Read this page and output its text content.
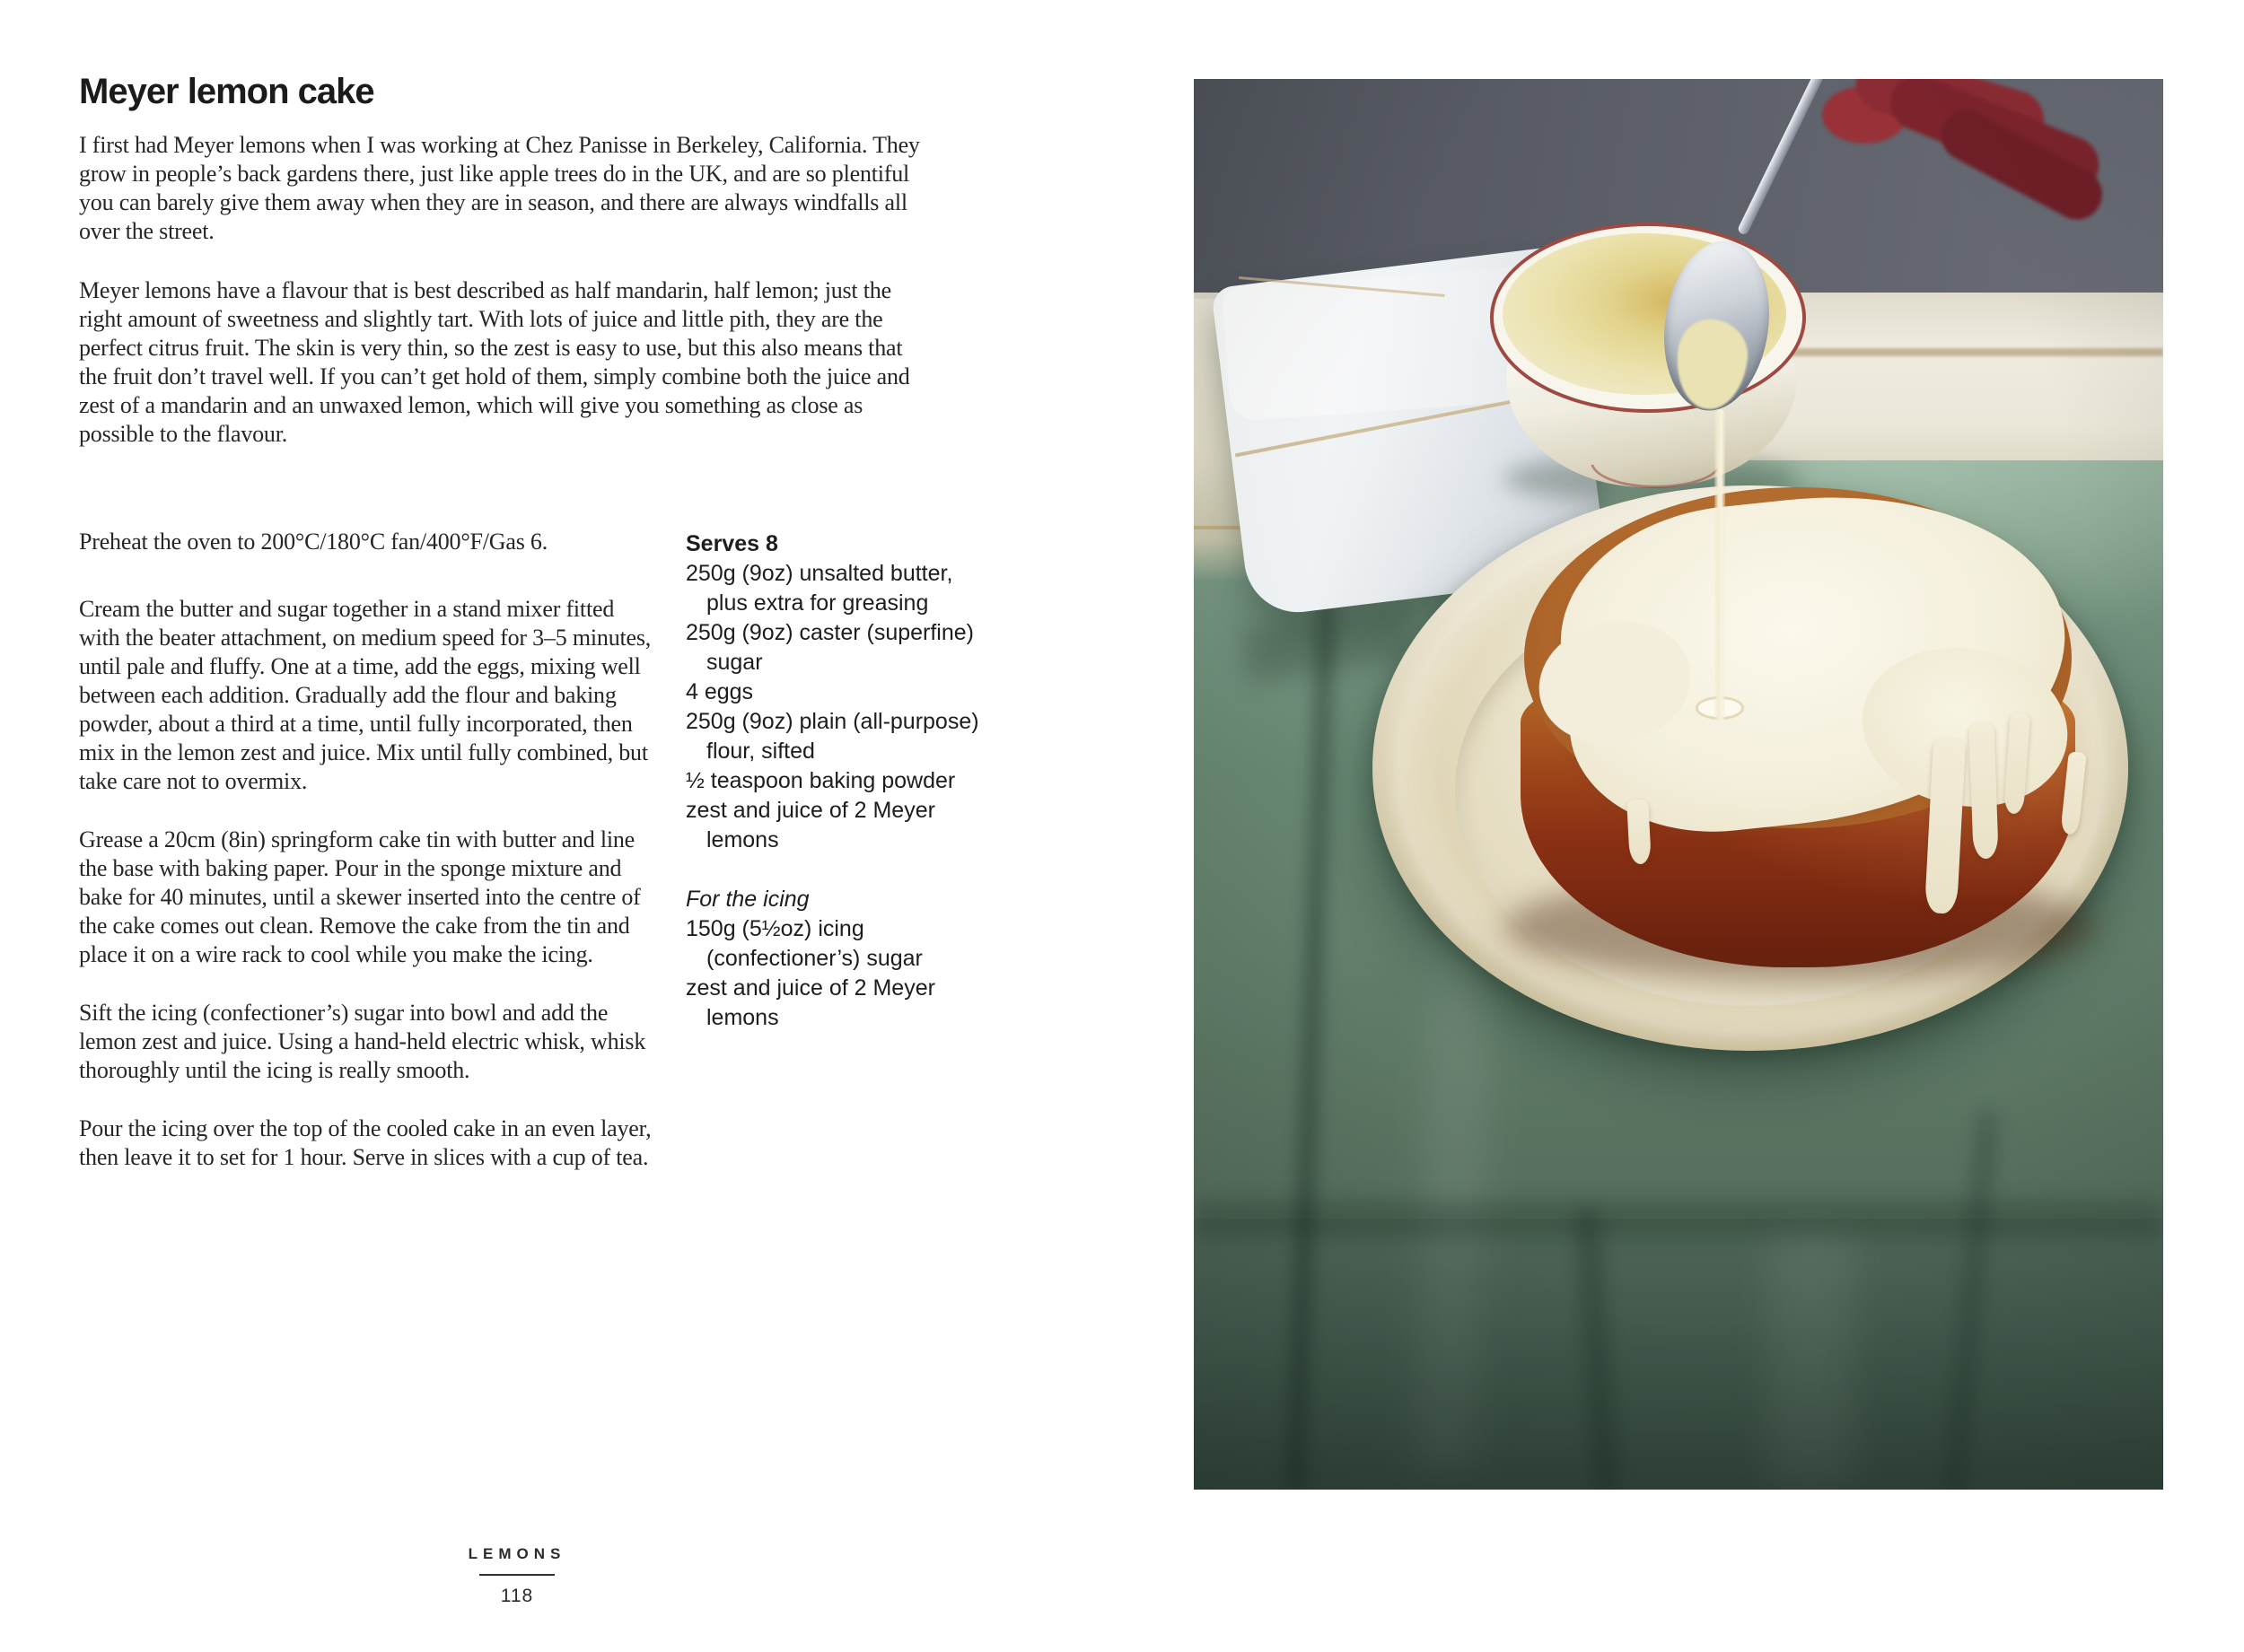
Meyer lemon cake

I first had Meyer lemons when I was working at Chez Panisse in Berkeley, California. They grow in people’s back gardens there, just like apple trees do in the UK, and are so plentiful you can barely give them away when they are in season, and there are always windfalls all over the street.

Meyer lemons have a flavour that is best described as half mandarin, half lemon; just the right amount of sweetness and slightly tart. With lots of juice and little pith, they are the perfect citrus fruit. The skin is very thin, so the zest is easy to use, but this also means that the fruit don’t travel well. If you can’t get hold of them, simply combine both the juice and zest of a mandarin and an unwaxed lemon, which will give you something as close as possible to the flavour.

Preheat the oven to 200°C/180°C fan/400°F/Gas 6.

Cream the butter and sugar together in a stand mixer fitted with the beater attachment, on medium speed for 3–5 minutes, until pale and fluffy. One at a time, add the eggs, mixing well between each addition. Gradually add the flour and baking powder, about a third at a time, until fully incorporated, then mix in the lemon zest and juice. Mix until fully combined, but take care not to overmix.

Grease a 20cm (8in) springform cake tin with butter and line the base with baking paper. Pour in the sponge mixture and bake for 40 minutes, until a skewer inserted into the centre of the cake comes out clean. Remove the cake from the tin and place it on a wire rack to cool while you make the icing.

Sift the icing (confectioner’s) sugar into bowl and add the lemon zest and juice. Using a hand-held electric whisk, whisk thoroughly until the icing is really smooth.

Pour the icing over the top of the cooled cake in an even layer, then leave it to set for 1 hour. Serve in slices with a cup of tea.

Serves 8
250g (9oz) unsalted butter,
plus extra for greasing
250g (9oz) caster (superfine)
sugar
4 eggs
250g (9oz) plain (all-purpose)
flour, sifted
½ teaspoon baking powder
zest and juice of 2 Meyer
lemons
For the icing
150g (5½oz) icing
(confectioner’s) sugar
zest and juice of 2 Meyer
lemons
LEMONS
118
